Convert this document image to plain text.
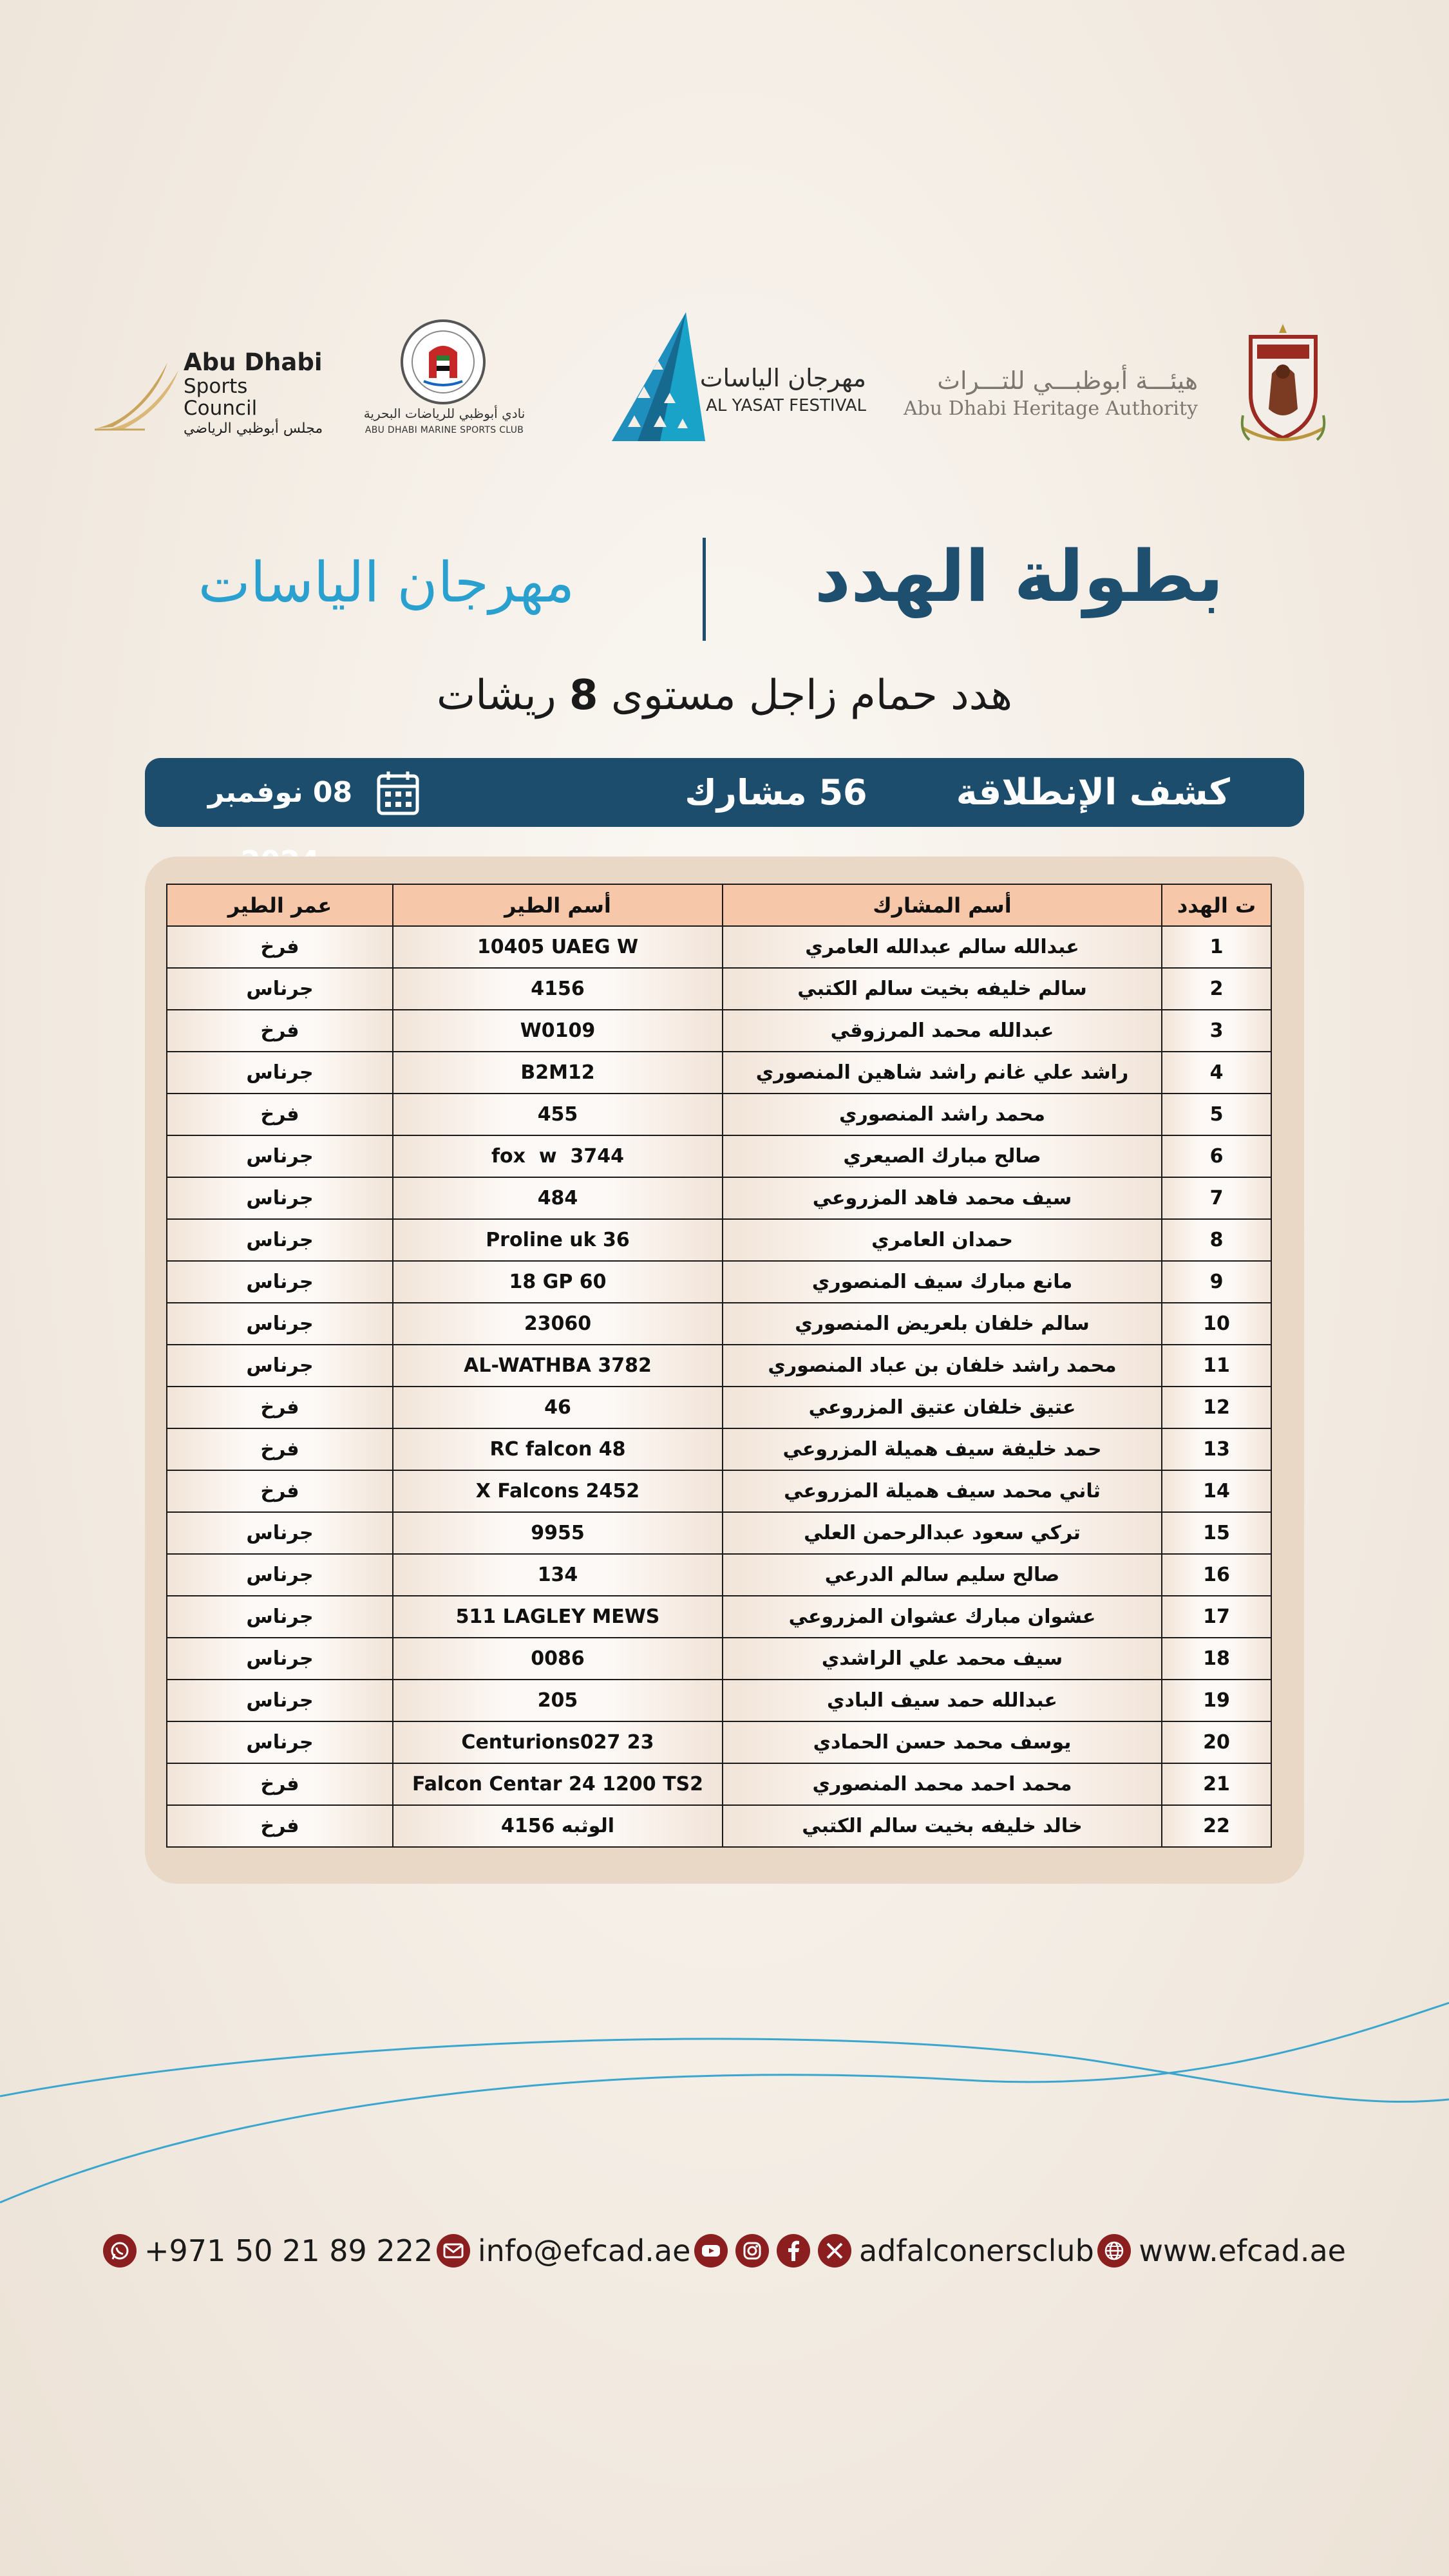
هيئـــة أبوظبـــي للتـــراث
Abu Dhabi Heritage Authority
مهرجان الياسات
AL YASAT FESTIVAL
نادي أبوظبي للرياضات البحرية
ABU DHABI MARINE SPORTS CLUB
Abu Dhabi
Sports Council
مجلس أبوظبي الرياضي
بطولة الهدد
مهرجان الياسات
هدد حمام زاجل مستوى 8 ريشات
كشف الإنطلاقة
56 مشارك
08 نوفمبر
ت الهدد	أسم المشارك	أسم الطير	عمر الطير
1	عبدالله سالم عبدالله العامري	10405 UAEG W	فرخ
2	سالم خليفه بخيت سالم الكتبي	4156	جرناس
3	عبدالله محمد المرزوقي	W0109	فرخ
4	راشد علي غانم راشد شاهين المنصوري	B2M12	جرناس
5	محمد راشد المنصوري	455	فرخ
6	صالح مبارك الصيعري	fox  w  3744	جرناس
7	سيف محمد فاهد المزروعي	484	جرناس
8	حمدان العامري	Proline uk 36	جرناس
9	مانع مبارك سيف المنصوري	18 GP 60	جرناس
10	سالم خلفان بلعريض المنصوري	23060	جرناس
11	محمد راشد خلفان بن عباد المنصوري	AL-WATHBA 3782	جرناس
12	عتيق خلفان عتيق المزروعي	46	فرخ
13	حمد خليفة سيف هميلة المزروعي	RC falcon 48	فرخ
14	ثاني محمد سيف هميلة المزروعي	X Falcons 2452	فرخ
15	تركي سعود عبدالرحمن العلي	9955	جرناس
16	صالح سليم سالم الدرعي	134	جرناس
17	عشوان مبارك عشوان المزروعي	511 LAGLEY MEWS	جرناس
18	سيف محمد علي الراشدي	0086	جرناس
19	عبدالله حمد سيف البادي	205	جرناس
20	يوسف محمد حسن الحمادي	Centurions027 23	جرناس
21	محمد احمد محمد المنصوري	Falcon Centar 24 1200 TS2	فرخ
22	خالد خليفه بخيت سالم الكتبي	الوثبه 4156	فرخ
+971 50 21 89 222 info@efcad.ae	adfalconersclub www.efcad.ae
